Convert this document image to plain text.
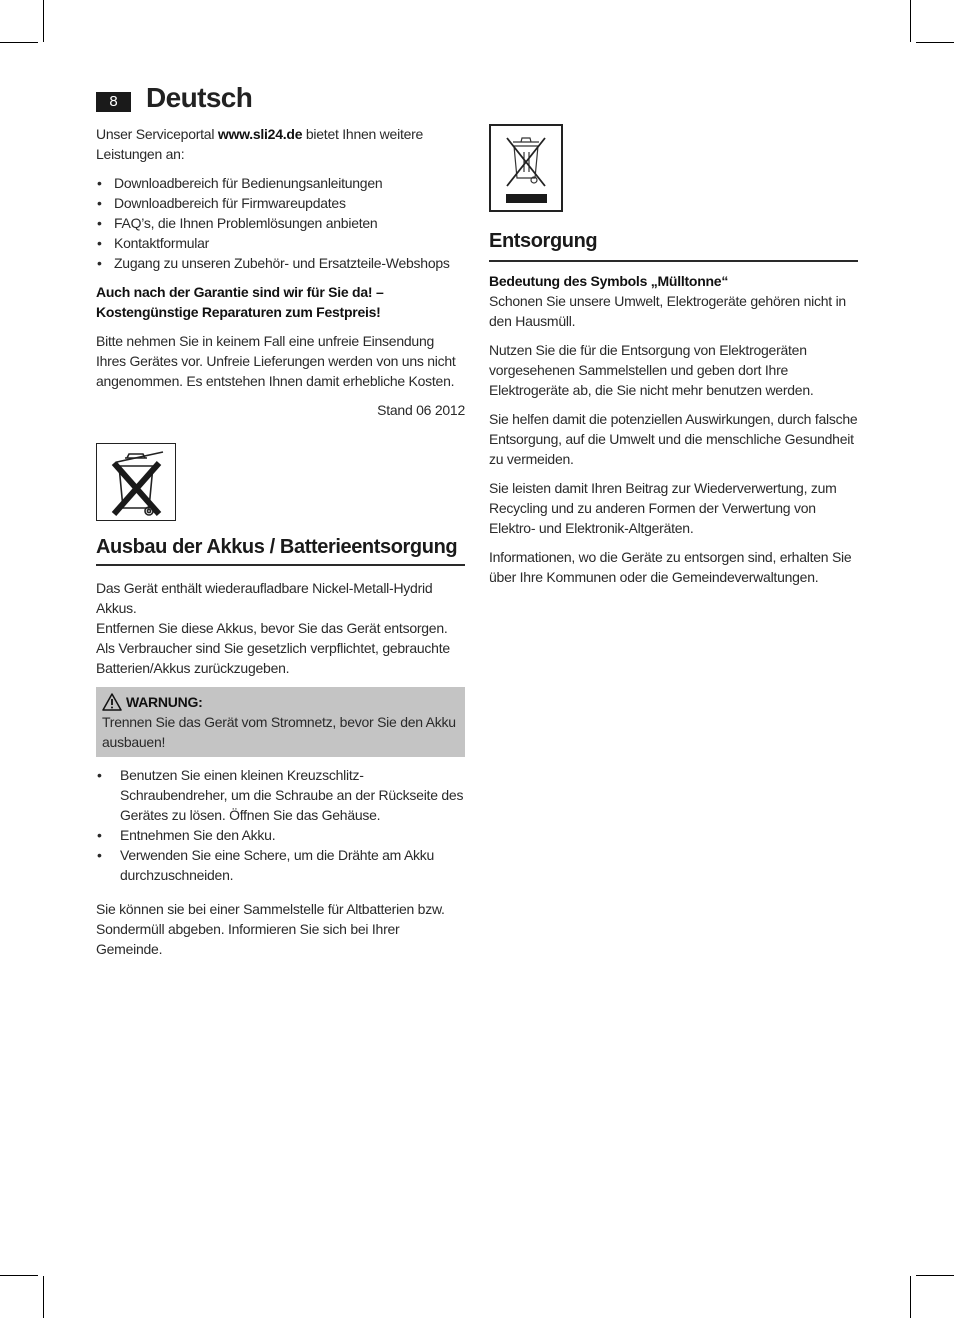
8	Deutsch

Unser Serviceportal www.sli24.de bietet Ihnen weitere Leistungen an:

• Downloadbereich für Bedienungsanleitungen
• Downloadbereich für Firmwareupdates
• FAQ’s, die Ihnen Problemlösungen anbieten
• Kontaktformular
• Zugang zu unseren Zubehör- und Ersatzteile-Webshops

Auch nach der Garantie sind wir für Sie da! – Kostengünstige Reparaturen zum Festpreis!

Bitte nehmen Sie in keinem Fall eine unfreie Einsendung Ihres Gerätes vor. Unfreie Lieferungen werden von uns nicht angenommen. Es entstehen Ihnen damit erhebliche Kosten.

Stand 06 2012

Ausbau der Akkus / Batterieentsorgung

Das Gerät enthält wiederaufladbare Nickel-Metall-Hydrid Akkus.
Entfernen Sie diese Akkus, bevor Sie das Gerät entsorgen.
Als Verbraucher sind Sie gesetzlich verpflichtet, gebrauchte Batterien/Akkus zurückzugeben.

WARNUNG:
Trennen Sie das Gerät vom Stromnetz, bevor Sie den Akku ausbauen!
• Benutzen Sie einen kleinen Kreuzschlitz-Schraubendreher, um die Schraube an der Rückseite des Gerätes zu lösen. Öffnen Sie das Gehäuse.
• Entnehmen Sie den Akku.
• Verwenden Sie eine Schere, um die Drähte am Akku durchzuschneiden.

Sie können sie bei einer Sammelstelle für Altbatterien bzw. Sondermüll abgeben. Informieren Sie sich bei Ihrer Gemeinde.

Entsorgung
Bedeutung des Symbols „Mülltonne“

Schonen Sie unsere Umwelt, Elektrogeräte gehören nicht in den Hausmüll.

Nutzen Sie die für die Entsorgung von Elektrogeräten vorgesehenen Sammelstellen und geben dort Ihre Elektrogeräte ab, die Sie nicht mehr benutzen werden.

Sie helfen damit die potenziellen Auswirkungen, durch falsche Entsorgung, auf die Umwelt und die menschliche Gesundheit zu vermeiden.

Sie leisten damit Ihren Beitrag zur Wiederverwertung, zum Recycling und zu anderen Formen der Verwertung von Elektro- und Elektronik-Altgeräten.

Informationen, wo die Geräte zu entsorgen sind, erhalten Sie über Ihre Kommunen oder die Gemeindeverwaltungen.
